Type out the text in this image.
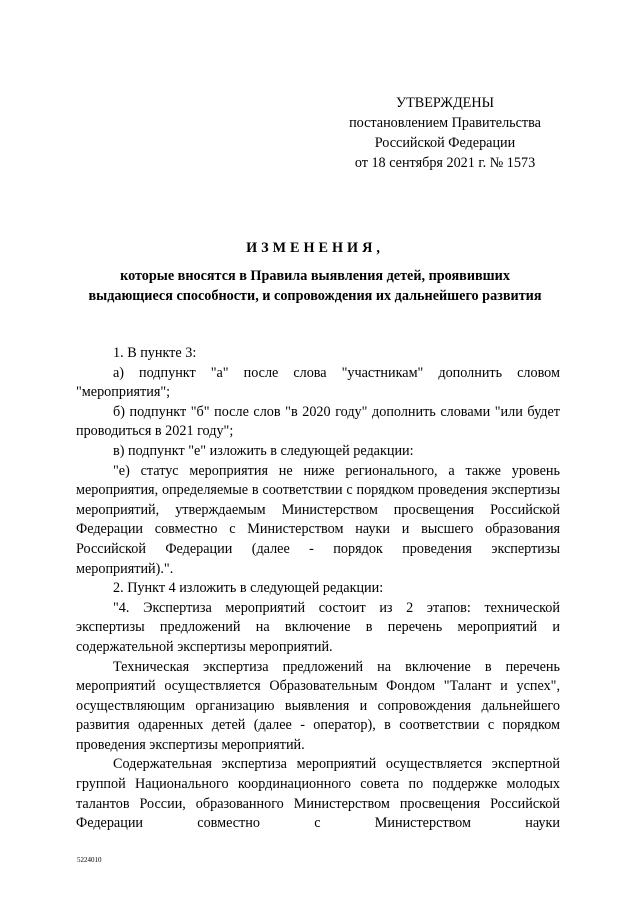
УТВЕРЖДЕНЫ
постановлением Правительства
Российской Федерации
от 18 сентября 2021 г. № 1573
ИЗМЕНЕНИЯ,
которые вносятся в Правила выявления детей, проявивших
выдающиеся способности, и сопровождения их дальнейшего развития

1. В пункте 3:

а) подпункт "а" после слова "участникам" дополнить словом "мероприятия";

б) подпункт "б" после слов "в 2020 году" дополнить словами "или будет проводиться в 2021 году";

в) подпункт "е" изложить в следующей редакции:

"е) статус мероприятия не ниже регионального, а также уровень мероприятия, определяемые в соответствии с порядком проведения экспертизы мероприятий, утверждаемым Министерством просвещения Российской Федерации совместно с Министерством науки и высшего образования Российской Федерации (далее - порядок проведения экспертизы мероприятий).".

2. Пункт 4 изложить в следующей редакции:

"4. Экспертиза мероприятий состоит из 2 этапов: технической экспертизы предложений на включение в перечень мероприятий и содержательной экспертизы мероприятий.

Техническая экспертиза предложений на включение в перечень мероприятий осуществляется Образовательным Фондом "Талант и успех", осуществляющим организацию выявления и сопровождения дальнейшего развития одаренных детей (далее - оператор), в соответствии с порядком проведения экспертизы мероприятий.

Содержательная экспертиза мероприятий осуществляется экспертной группой Национального координационного совета по поддержке молодых талантов России, образованного Министерством просвещения Российской Федерации совместно с Министерством науки

5224010
